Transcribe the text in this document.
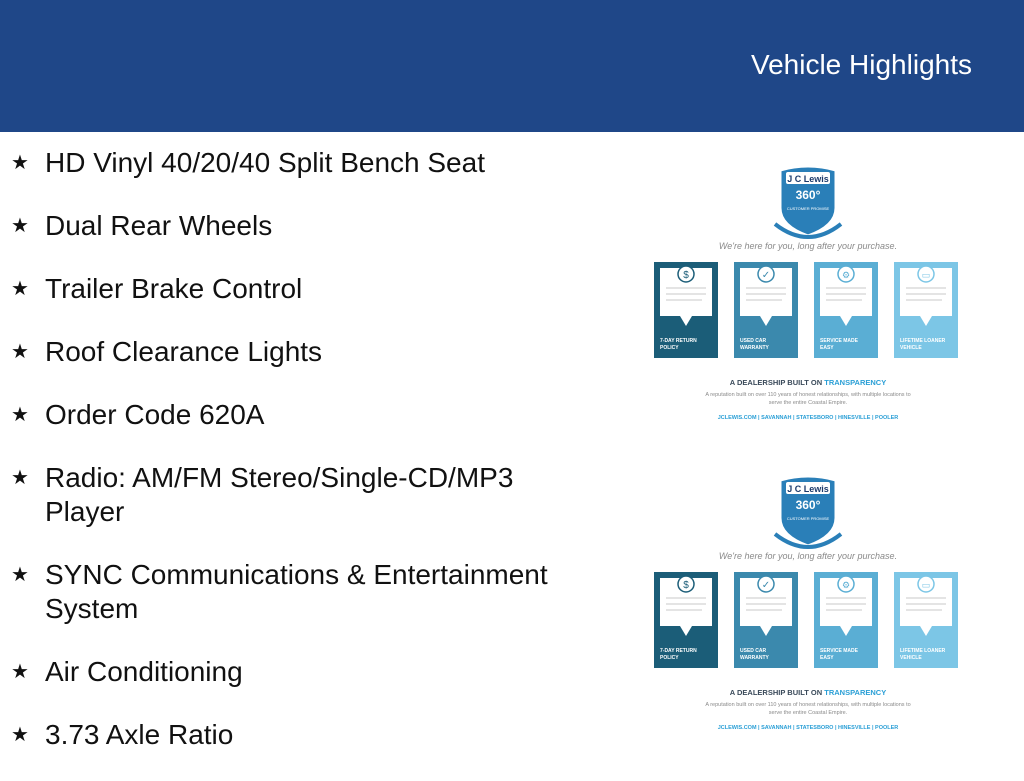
Vehicle Highlights
★ HD Vinyl 40/20/40 Split Bench Seat
★ Dual Rear Wheels
★ Trailer Brake Control
★ Roof Clearance Lights
★ Order Code 620A
★ Radio: AM/FM Stereo/Single-CD/MP3 Player
★ SYNC Communications & Entertainment System
★ Air Conditioning
★ 3.73 Axle Ratio
J C Lewis
360°
CUSTOMER PROMISE
We're here for you, long after your purchase.
$
7-DAY RETURN
POLICY
✓
USED CAR
WARRANTY
⚙
SERVICE MADE
EASY
▭
LIFETIME LOANER
VEHICLE
A DEALERSHIP BUILT ON TRANSPARENCY
A reputation built on over 110 years of honest relationships, with multiple locations to
serve the entire Coastal Empire.
JCLEWIS.COM | SAVANNAH | STATESBORO | HINESVILLE | POOLER
J C Lewis
360°
CUSTOMER PROMISE
We're here for you, long after your purchase.
$
7-DAY RETURN
POLICY
✓
USED CAR
WARRANTY
⚙
SERVICE MADE
EASY
▭
LIFETIME LOANER
VEHICLE
A DEALERSHIP BUILT ON TRANSPARENCY
A reputation built on over 110 years of honest relationships, with multiple locations to
serve the entire Coastal Empire.
JCLEWIS.COM | SAVANNAH | STATESBORO | HINESVILLE | POOLER
